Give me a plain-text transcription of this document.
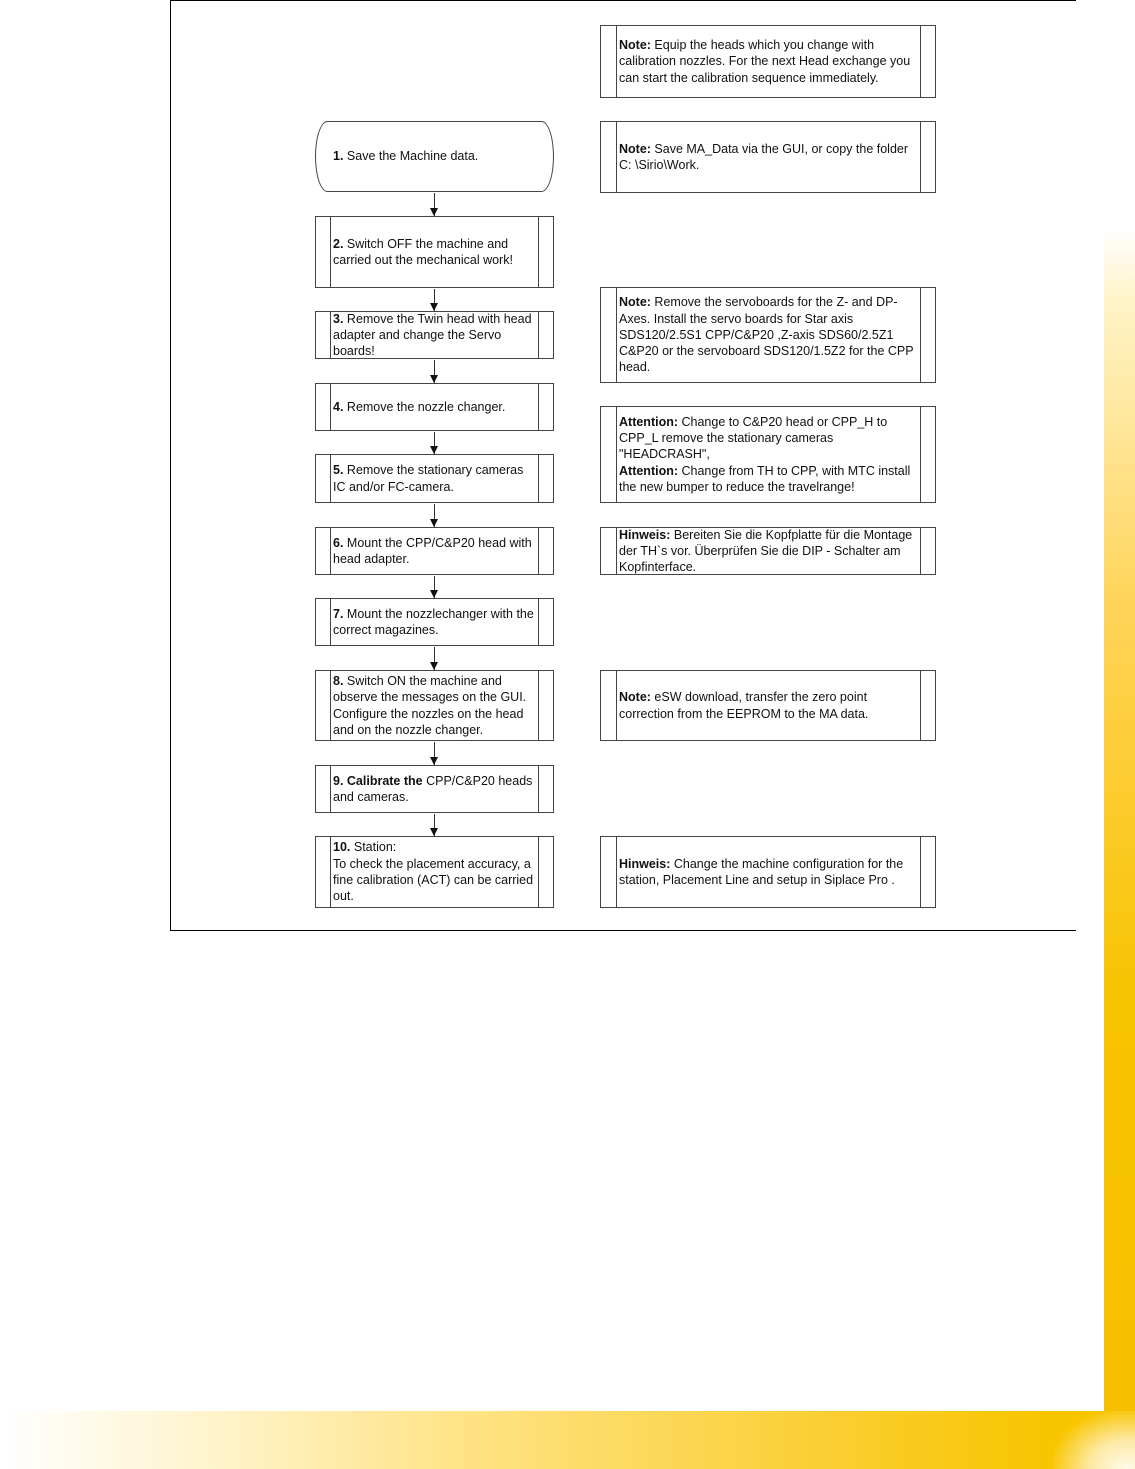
1. Save the Machine data.
2. Switch OFF the machine and carried out the mechanical work!
3. Remove the Twin head with head adapter and change the Servo boards!
4. Remove the nozzle changer.
5. Remove the stationary cameras IC and/or FC-camera.
6. Mount the CPP/C&P20 head with head adapter.
7. Mount the nozzlechanger with the correct magazines.
8. Switch ON the machine and observe the messages on the GUI. Configure the nozzles on the head and on the nozzle changer.
9. Calibrate the CPP/C&P20 heads and cameras.
10. Station:
To check the placement accuracy, a fine calibration (ACT) can be carried out.
Note: Equip the heads which you change with calibration nozzles. For the next Head exchange you can start the calibration sequence immediately.
Note: Save MA_Data via the GUI, or copy the folder C: \Sirio\Work.
Note: Remove the servoboards for the Z- and DP-Axes. Install the servo boards for Star axis SDS120/2.5S1 CPP/C&P20 ,Z-axis SDS60/2.5Z1 C&P20 or the servoboard SDS120/1.5Z2 for the CPP head.
Attention: Change to C&P20 head or CPP_H to CPP_L remove the stationary cameras "HEADCRASH",
Attention: Change from TH to CPP, with MTC install the new bumper to reduce the travelrange!
Hinweis: Bereiten Sie die Kopfplatte für die Montage der TH`s vor. Überprüfen Sie die DIP - Schalter am Kopfinterface.
Note: eSW download, transfer the zero point correction from the EEPROM to the MA data.
Hinweis: Change the machine configuration for the station, Placement Line and setup in Siplace Pro .
